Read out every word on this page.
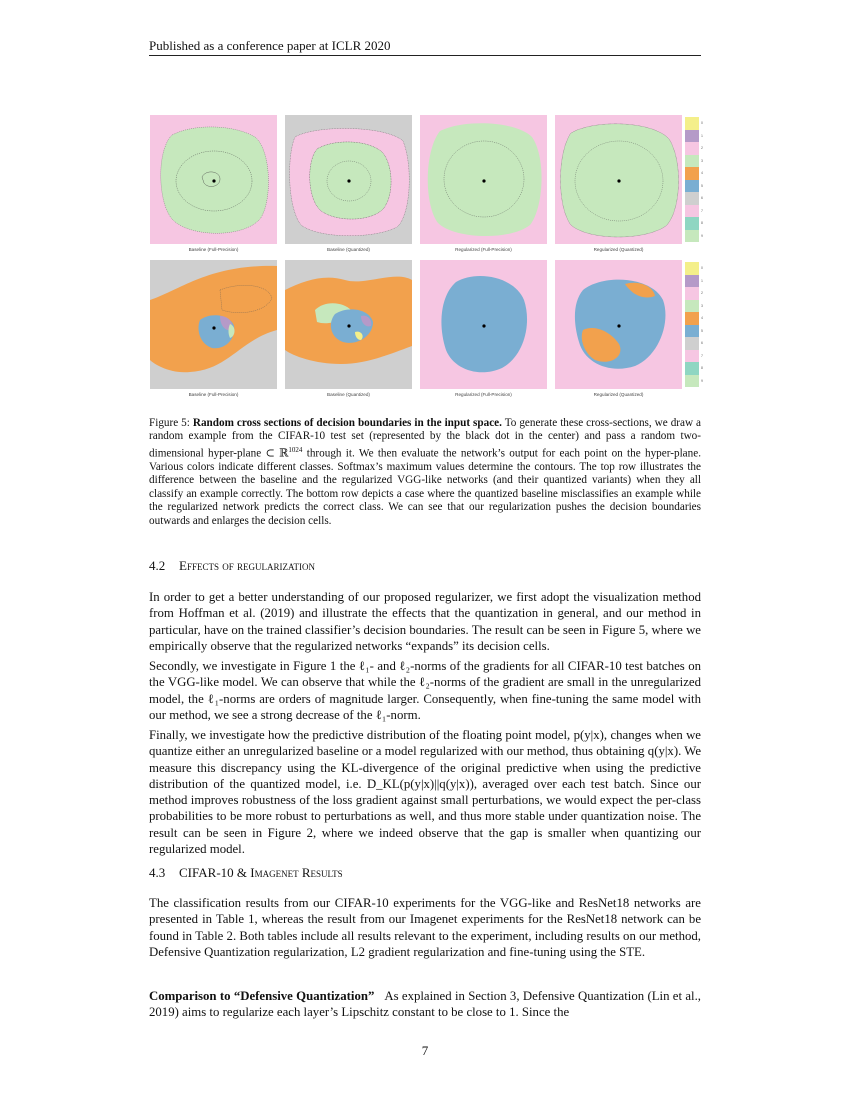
Published as a conference paper at ICLR 2020
Baseline (Full-Precision)	Baseline (Quantized)	Regularized (Full-Precision)	Regularized (Quantized)
Baseline (Full-Precision)	Baseline (Quantized)	Regularized (Full-Precision)	Regularized (Quantized)
0
1
2
3
4
5
6
7
8
9
0
1
2
3
4
5
6
7
8
9
Figure 5: Random cross sections of decision boundaries in the input space. To generate these cross-sections, we draw a random example from the CIFAR-10 test set (represented by the black dot in the center) and pass a random two-dimensional hyper-plane ⊂ ℝ$^{1024}$ through it. We then evaluate the network’s output for each point on the hyper-plane. Various colors indicate different classes. Softmax’s maximum values determine the contours. The top row illustrates the difference between the baseline and the regularized VGG-like networks (and their quantized variants) when they all classify an example correctly. The bottom row depicts a case where the quantized baseline misclassifies an example while the regularized network predicts the correct class. We can see that our regularization pushes the decision boundaries outwards and enlarges the decision cells.
4.2 Effects of regularization

In order to get a better understanding of our proposed regularizer, we first adopt the visualization method from Hoffman et al. (2019) and illustrate the effects that the quantization in general, and our method in particular, have on the trained classifier’s decision boundaries. The result can be seen in Figure 5, where we empirically observe that the regularized networks “expands” its decision cells.

Secondly, we investigate in Figure 1 the ℓ₁- and ℓ₂-norms of the gradients for all CIFAR-10 test batches on the VGG-like model. We can observe that while the ℓ₂-norms of the gradient are small in the unregularized model, the ℓ₁-norms are orders of magnitude larger. Consequently, when fine-tuning the same model with our method, we see a strong decrease of the ℓ₁-norm.

Finally, we investigate how the predictive distribution of the floating point model, p(y|x), changes when we quantize either an unregularized baseline or a model regularized with our method, thus obtaining q(y|x). We measure this discrepancy using the KL-divergence of the original predictive when using the predictive distribution of the quantized model, i.e. D_KL(p(y|x)||q(y|x)), averaged over each test batch. Since our method improves robustness of the loss gradient against small perturbations, we would expect the per-class probabilities to be more robust to perturbations as well, and thus more stable under quantization noise. The result can be seen in Figure 2, where we indeed observe that the gap is smaller when quantizing our regularized model.

4.3 CIFAR-10 & Imagenet Results

The classification results from our CIFAR-10 experiments for the VGG-like and ResNet18 networks are presented in Table 1, whereas the result from our Imagenet experiments for the ResNet18 network can be found in Table 2. Both tables include all results relevant to the experiment, including results on our method, Defensive Quantization regularization, L2 gradient regularization and fine-tuning using the STE.

Comparison to “Defensive Quantization” As explained in Section 3, Defensive Quantization (Lin et al., 2019) aims to regularize each layer’s Lipschitz constant to be close to 1. Since the

7
